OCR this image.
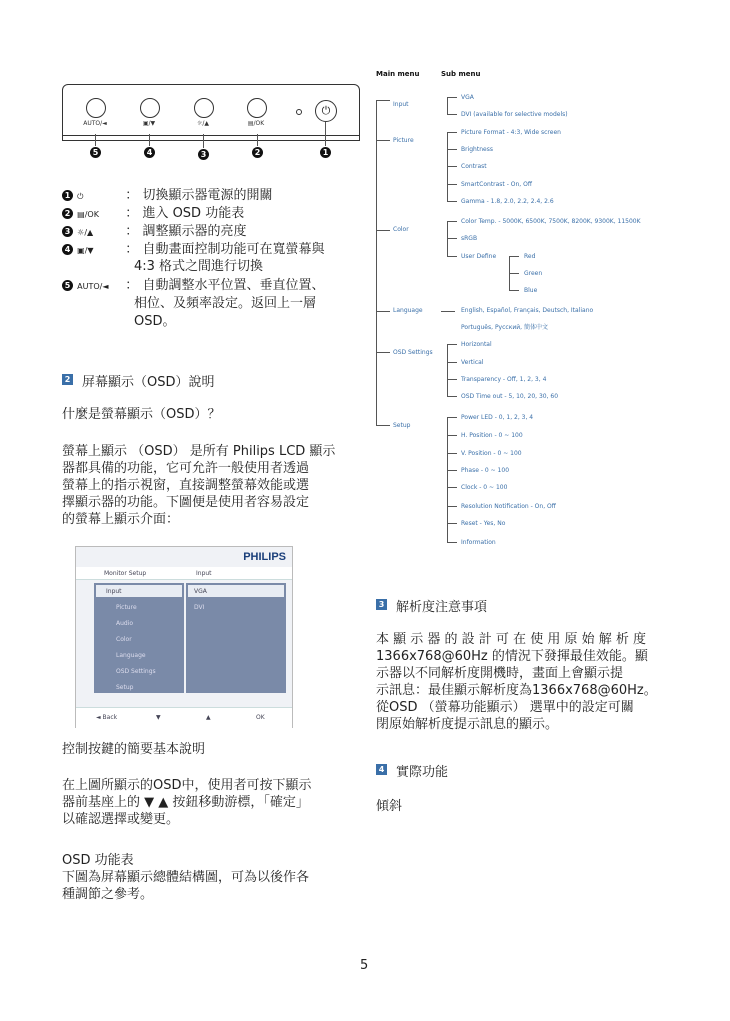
AUTO/◄	▣/▼	☼/▲	▤/OK
⏻
5	4	3	2	1
1 ⏻	： 切換顯示器電源的開關
2 ▤/OK ： 進入 OSD 功能表
3 ☼/▲ ： 調整顯示器的亮度
4 ▣/▼ ： 自動畫面控制功能可在寬螢幕與
4:3 格式之間進行切換
5 AUTO/◄ ： 自動調整水平位置、垂直位置、
相位、及頻率設定。返回上一層
OSD。
2 屏幕顯示（OSD）說明
什麼是螢幕顯示（OSD）？
螢幕上顯示 （OSD） 是所有 Philips LCD 顯示
器都具備的功能，它可允許一般使用者透過
螢幕上的指示視窗，直接調整螢幕效能或選
擇顯示器的功能。下圖便是使用者容易設定
的螢幕上顯示介面：
PHILIPS
Monitor Setup	Input
Input
Picture
Audio
Color
Language
OSD Settings
Setup
VGA
DVI
◄ Back	▼	▲	OK
控制按鍵的簡要基本說明
在上圖所顯示的OSD中，使用者可按下顯示
器前基座上的 ▼ ▲ 按鈕移動游標，「確定」
以確認選擇或變更。
OSD 功能表
下圖為屏幕顯示總體結構圖，可為以後作各
種調節之參考。
5
Main menu	Sub menu
Input
VGA
DVI (available for selective models)
Picture
Picture Format - 4:3, Wide screen
Brightness
Contrast
SmartContrast - On, Off
Gamma - 1.8, 2.0, 2.2, 2.4, 2.6
Color
Color Temp. - 5000K, 6500K, 7500K, 8200K, 9300K, 11500K
sRGB
User Define	Red
Green
Blue
Language	English, Español, Français, Deutsch, Italiano
Português, Русский, 簡体中文
OSD Settings
Horizontal
Vertical
Transparency - Off, 1, 2, 3, 4
OSD Time out - 5, 10, 20, 30, 60
Setup
Power LED - 0, 1, 2, 3, 4
H. Position - 0 ~ 100
V. Position - 0 ~ 100
Phase - 0 ~ 100
Clock - 0 ~ 100
Resolution Notification - On, Off
Reset - Yes, No
Information
3 解析度注意事項
本 顯 示 器 的 設 計 可 在 使 用 原 始 解 析 度
1366x768@60Hz 的情況下發揮最佳效能。顯
示器以不同解析度開機時，畫面上會顯示提
示訊息：最佳顯示解析度為1366x768@60Hz。
從OSD （螢幕功能顯示） 選單中的設定可關
閉原始解析度提示訊息的顯示。
4 實際功能
傾斜
